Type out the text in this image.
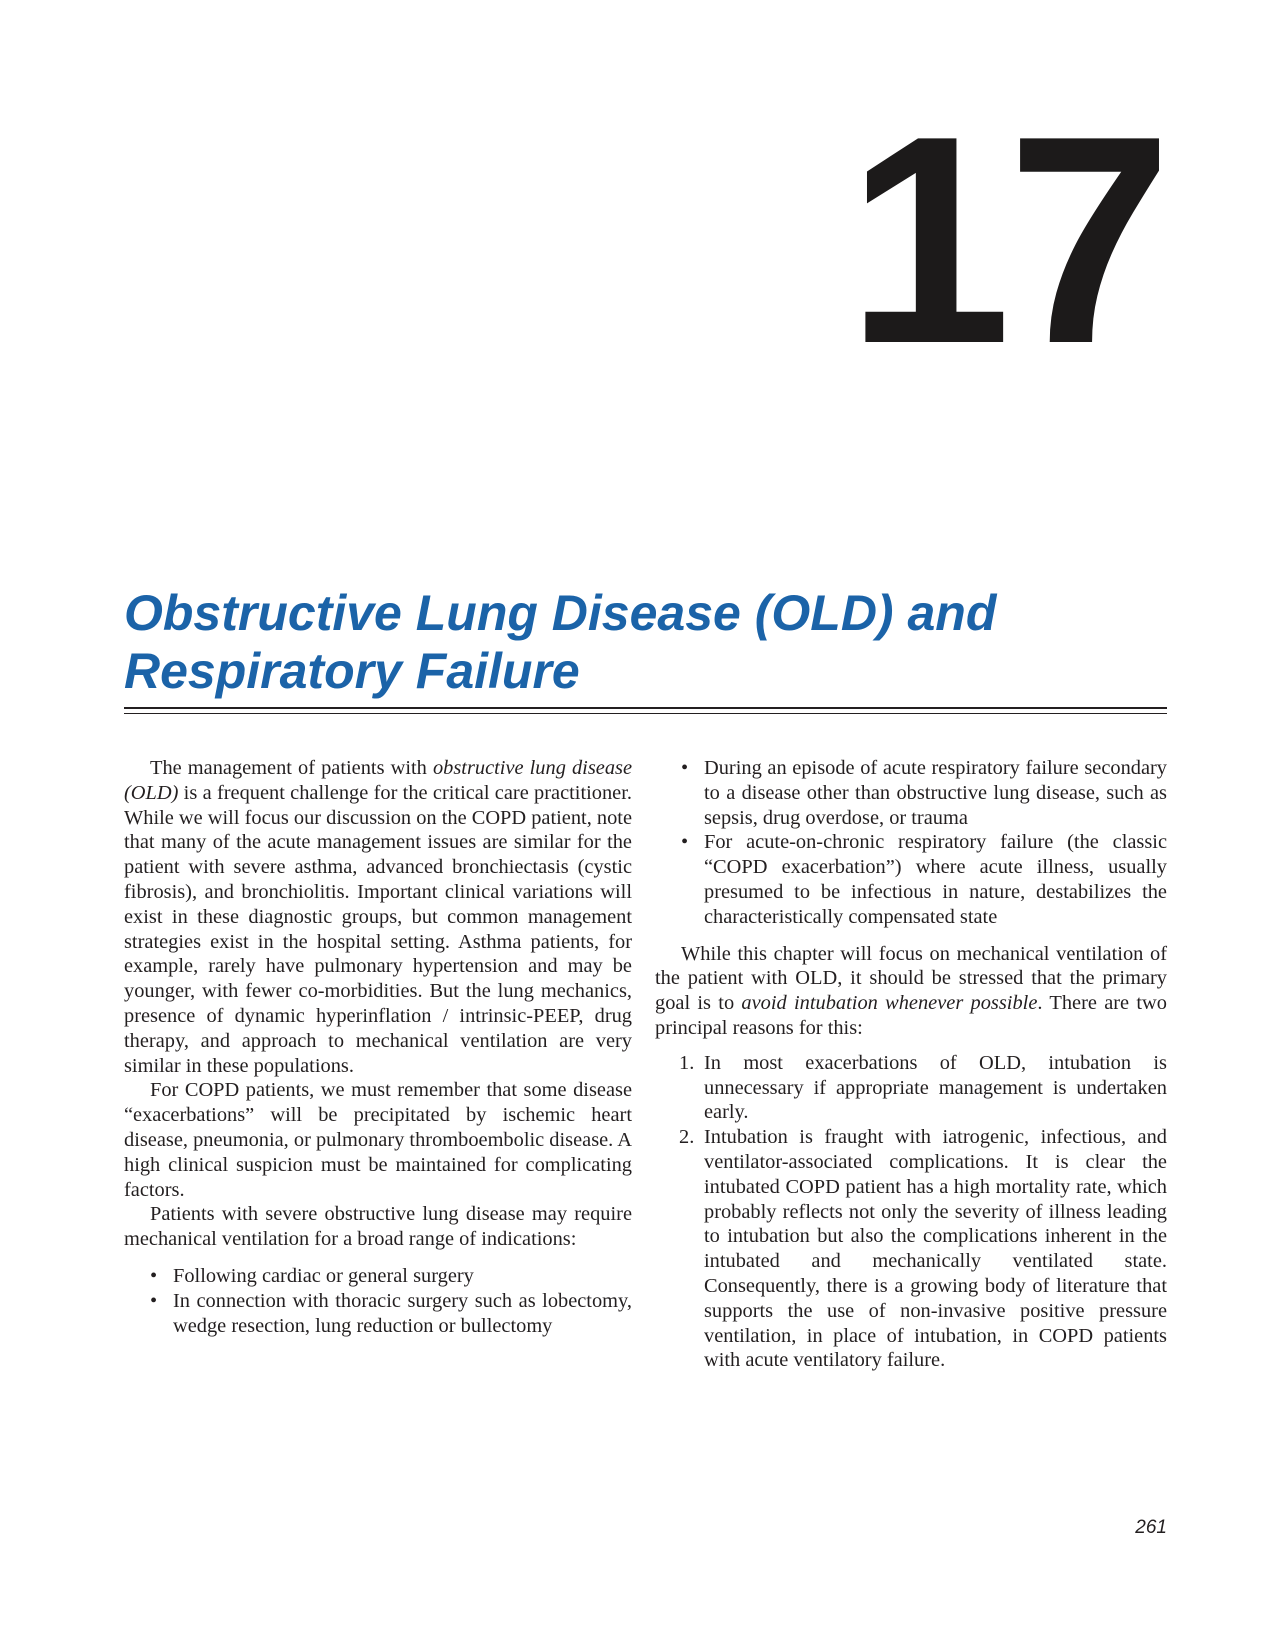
17
Obstructive Lung Disease (OLD) and Respiratory Failure

The management of patients with obstructive lung disease (OLD) is a frequent challenge for the critical care practitioner. While we will focus our discussion on the COPD patient, note that many of the acute management issues are similar for the patient with severe asthma, advanced bronchiectasis (cystic fibrosis), and bronchiolitis. Important clinical variations will exist in these diagnostic groups, but common management strategies exist in the hospital setting. Asthma patients, for example, rarely have pulmonary hypertension and may be younger, with fewer co-morbidities. But the lung mechanics, presence of dynamic hyperinflation / intrinsic-PEEP, drug therapy, and approach to mechanical ventilation are very similar in these populations.

For COPD patients, we must remember that some disease “exacerbations” will be precipitated by ischemic heart disease, pneumonia, or pulmonary thromboembolic disease. A high clinical suspicion must be maintained for complicating factors.

Patients with severe obstructive lung disease may require mechanical ventilation for a broad range of indications:

• Following cardiac or general surgery
• In connection with thoracic surgery such as lobectomy, wedge resection, lung reduction or bullectomy
• During an episode of acute respiratory failure secondary to a disease other than obstructive lung disease, such as sepsis, drug overdose, or trauma
• For acute-on-chronic respiratory failure (the classic “COPD exacerbation”) where acute illness, usually presumed to be infectious in nature, destabilizes the characteristically compensated state

While this chapter will focus on mechanical ventilation of the patient with OLD, it should be stressed that the primary goal is to avoid intubation whenever possible. There are two principal reasons for this:

1. In most exacerbations of OLD, intubation is unnecessary if appropriate management is undertaken early.
2. Intubation is fraught with iatrogenic, infectious, and ventilator-associated complications. It is clear the intubated COPD patient has a high mortality rate, which probably reflects not only the severity of illness leading to intubation but also the complications inherent in the intubated and mechanically ventilated state. Consequently, there is a growing body of literature that supports the use of non-invasive positive pressure ventilation, in place of intubation, in COPD patients with acute ventilatory failure.
261
